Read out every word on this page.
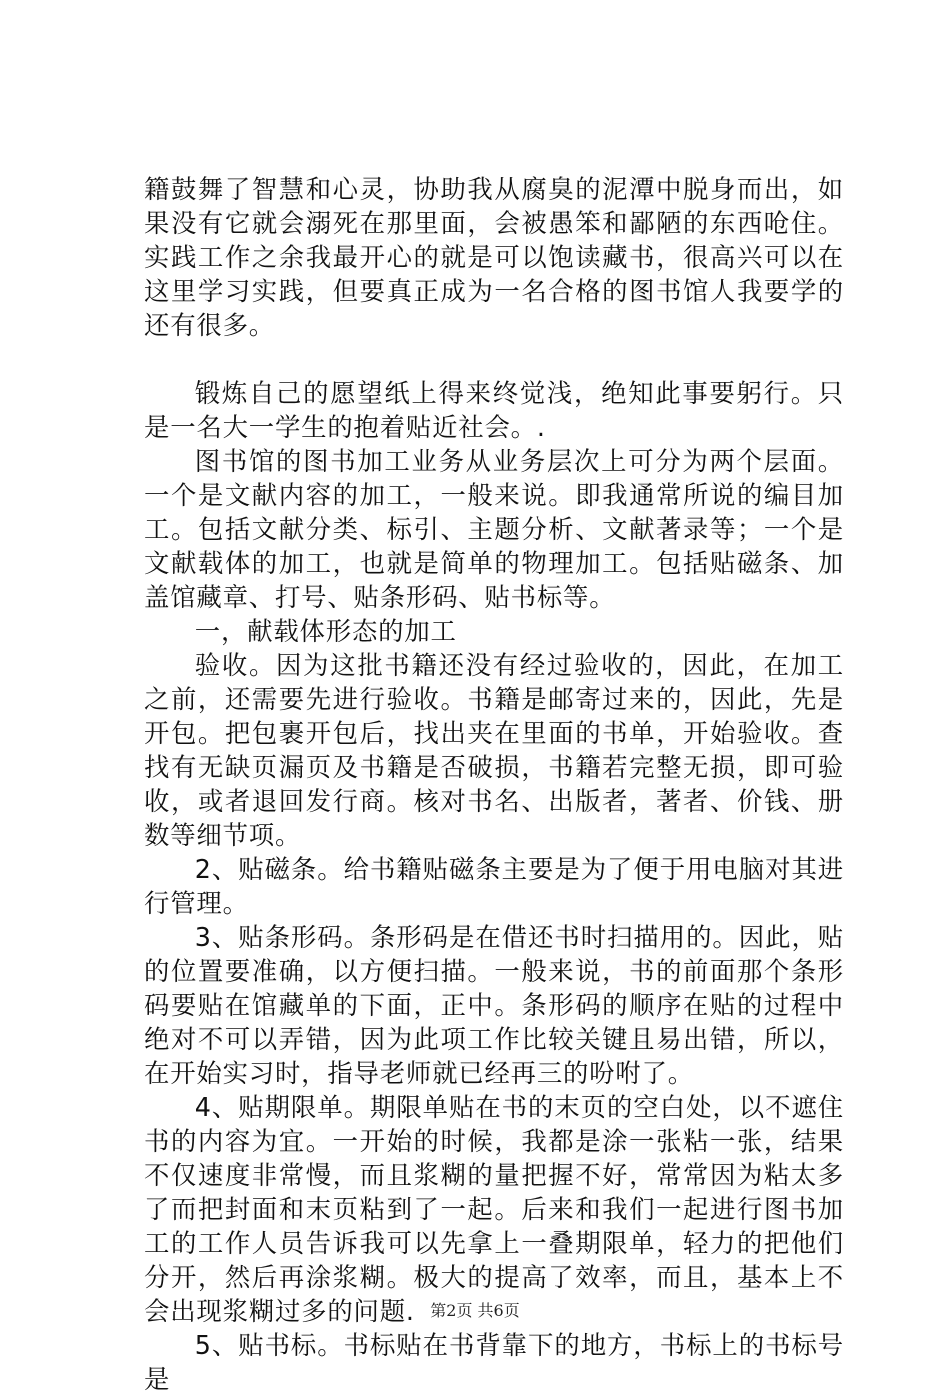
籍鼓舞了智慧和心灵，协助我从腐臭的泥潭中脱身而出，如果没有它就会溺死在那里面，会被愚笨和鄙陋的东西呛住。实践工作之余我最开心的就是可以饱读藏书，很高兴可以在这里学习实践，但要真正成为一名合格的图书馆人我要学的还有很多。

锻炼自己的愿望纸上得来终觉浅，绝知此事要躬行。只是一名大一学生的抱着贴近社会。.

图书馆的图书加工业务从业务层次上可分为两个层面。一个是文献内容的加工，一般来说。即我通常所说的编目加工。包括文献分类、标引、主题分析、文献著录等；一个是文献载体的加工，也就是简单的物理加工。包括贴磁条、加盖馆藏章、打号、贴条形码、贴书标等。

一，献载体形态的加工

验收。因为这批书籍还没有经过验收的，因此，在加工之前，还需要先进行验收。书籍是邮寄过来的，因此，先是开包。把包裹开包后，找出夹在里面的书单，开始验收。查找有无缺页漏页及书籍是否破损，书籍若完整无损，即可验收，或者退回发行商。核对书名、出版者，著者、价钱、册数等细节项。

2、贴磁条。给书籍贴磁条主要是为了便于用电脑对其进行管理。

3、贴条形码。条形码是在借还书时扫描用的。因此，贴的位置要准确，以方便扫描。一般来说，书的前面那个条形码要贴在馆藏单的下面，正中。条形码的顺序在贴的过程中绝对不可以弄错，因为此项工作比较关键且易出错，所以，在开始实习时，指导老师就已经再三的吩咐了。

4、贴期限单。期限单贴在书的末页的空白处，以不遮住书的内容为宜。一开始的时候，我都是涂一张粘一张，结果不仅速度非常慢，而且浆糊的量把握不好，常常因为粘太多了而把封面和末页粘到了一起。后来和我们一起进行图书加工的工作人员告诉我可以先拿上一叠期限单，轻力的把他们分开，然后再涂浆糊。极大的提高了效率，而且，基本上不会出现浆糊过多的问题.

5、贴书标。书标贴在书背靠下的地方，书标上的书标号是

第2页 共6页
